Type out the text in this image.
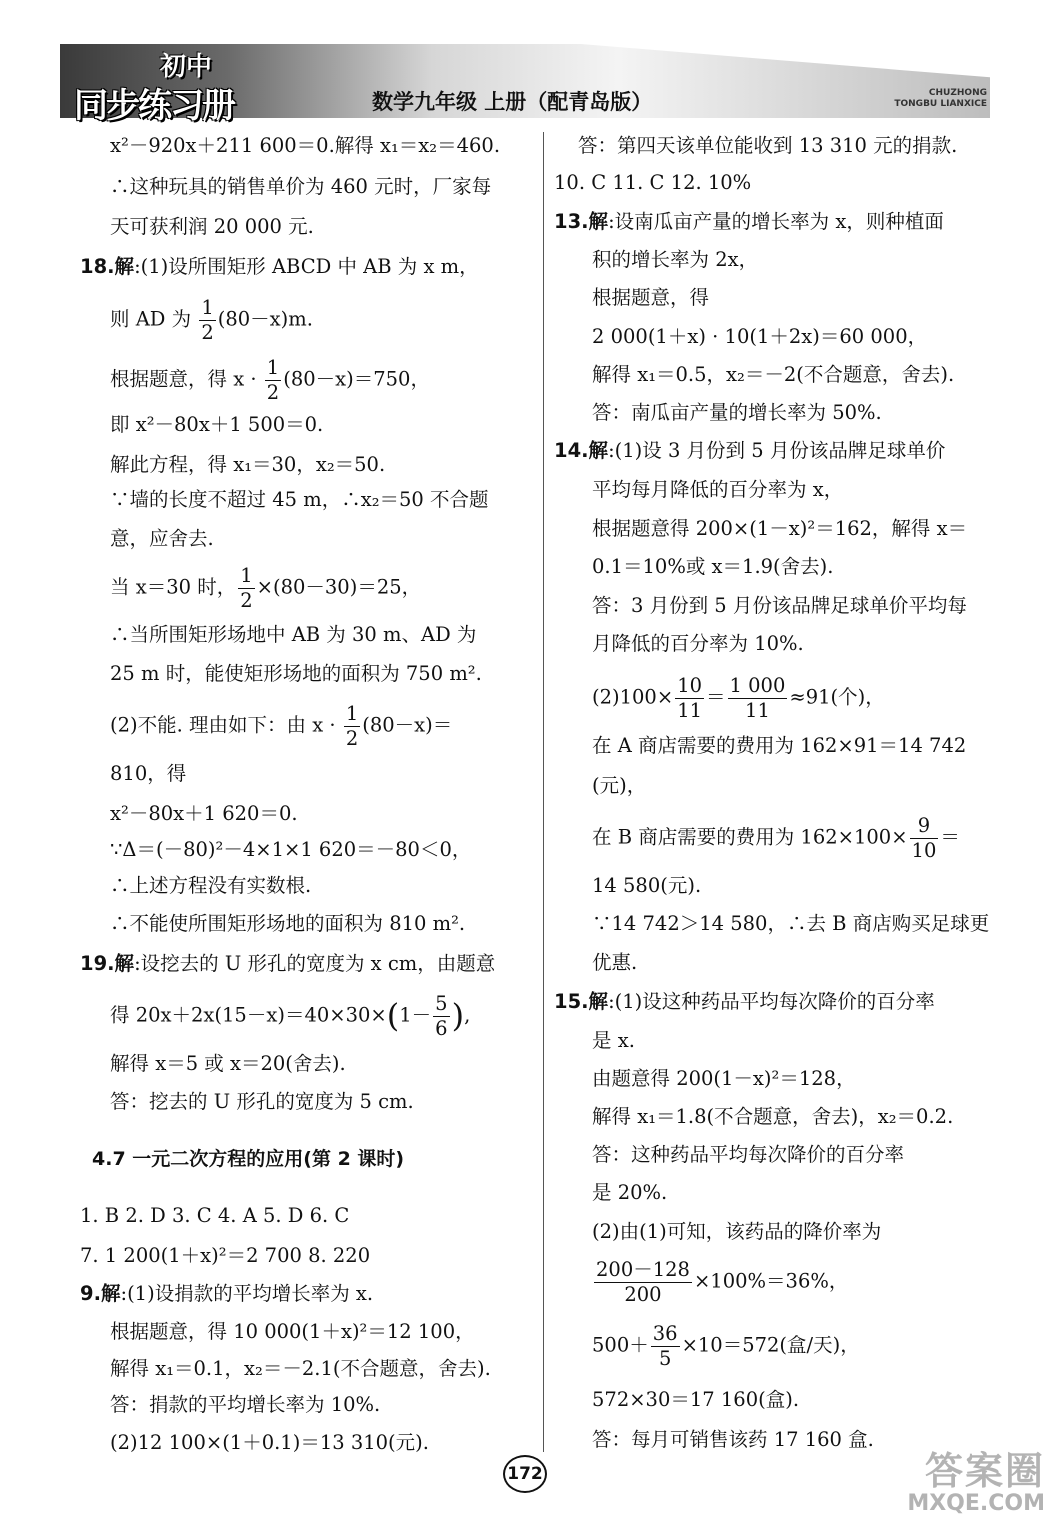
初中
同步练习册	数学九年级 上册（配青岛版）	CHUZHONG
TONGBU LIANXICE
x²－920x＋211 600＝0.解得 x₁＝x₂＝460.
∴这种玩具的销售单价为 460 元时，厂家每
天可获利润 20 000 元.
18.解:(1)设所围矩形 ABCD 中 AB 为 x m，
则 AD 为 $\frac{1}{2} (80-x)m$.
根据题意，得 $x \cdot \frac{1}{2} (80-x)=750$，
即 x²－80x＋1 500＝0.
解此方程，得 x₁＝30，x₂＝50.
∵墙的长度不超过 45 m，∴x₂＝50 不合题
意，应舍去.
当 x＝30 时， $\frac{1}{2} \times(80-30)=25$，
∴当所围矩形场地中 AB 为 30 m、AD 为
25 m 时，能使矩形场地的面积为 750 m².
(2)不能. 理由如下：由 $x \cdot \frac{1}{2} (80-x)=$
810，得
x²－80x＋1 620＝0.
∵Δ＝(－80)²－4×1×1 620＝－80＜0，
∴上述方程没有实数根.
∴不能使所围矩形场地的面积为 810 m².
19.解:设挖去的 U 形孔的宽度为 x cm，由题意
得 $20x+2x(15-x)=40\times 30\times(1- \frac{5}{6}$ ),
解得 x＝5 或 x＝20(舍去).
答：挖去的 U 形孔的宽度为 5 cm.
4.7 一元二次方程的应用(第 2 课时)
1. B 2. D 3. C 4. A 5. D 6. C
7. 1 200(1＋x)²＝2 700 8. 220
9.解:(1)设捐款的平均增长率为 x.
根据题意，得 10 000(1＋x)²＝12 100，
解得 x₁＝0.1，x₂＝－2.1(不合题意，舍去).
答：捐款的平均增长率为 10%.
(2)12 100×(1＋0.1)＝13 310(元).
答：第四天该单位能收到 13 310 元的捐款.
10. C 11. C 12. 10%
13.解:设南瓜亩产量的增长率为 x，则种植面
积的增长率为 2x，
根据题意，得
2 000(1＋x) · 10(1＋2x)＝60 000，
解得 x₁＝0.5，x₂＝－2(不合题意，舍去).
答：南瓜亩产量的增长率为 50%.
14.解:(1)设 3 月份到 5 月份该品牌足球单价
平均每月降低的百分率为 x，
根据题意得 200×(1－x)²＝162，解得 x＝
0.1＝10%或 x＝1.9(舍去).
答：3 月份到 5 月份该品牌足球单价平均每
月降低的百分率为 10%.
$(2)100\times \frac{10}{11} = \frac{1 000}{11} \approx 91$(个)，
在 A 商店需要的费用为 162×91＝14 742
(元)，
在 B 商店需要的费用为 $162\times 100\times \frac{9}{10}$ ＝
14 580(元).
∵14 742＞14 580，∴去 B 商店购买足球更
优惠.
15.解:(1)设这种药品平均每次降价的百分率
是 x.
由题意得 200(1－x)²＝128，
解得 x₁＝1.8(不合题意，舍去)，x₂＝0.2.
答：这种药品平均每次降价的百分率
是 20%.
(2)由(1)可知，该药品的降价率为
$\frac{200-128}{200} \times 100\%=36\%$，
$500+ \frac{36}{5} \times 10=572$(盒/天)，
572×30＝17 160(盒).
答：每月可销售该药 17 160 盒.
172	答案圈
MXQE.COM
